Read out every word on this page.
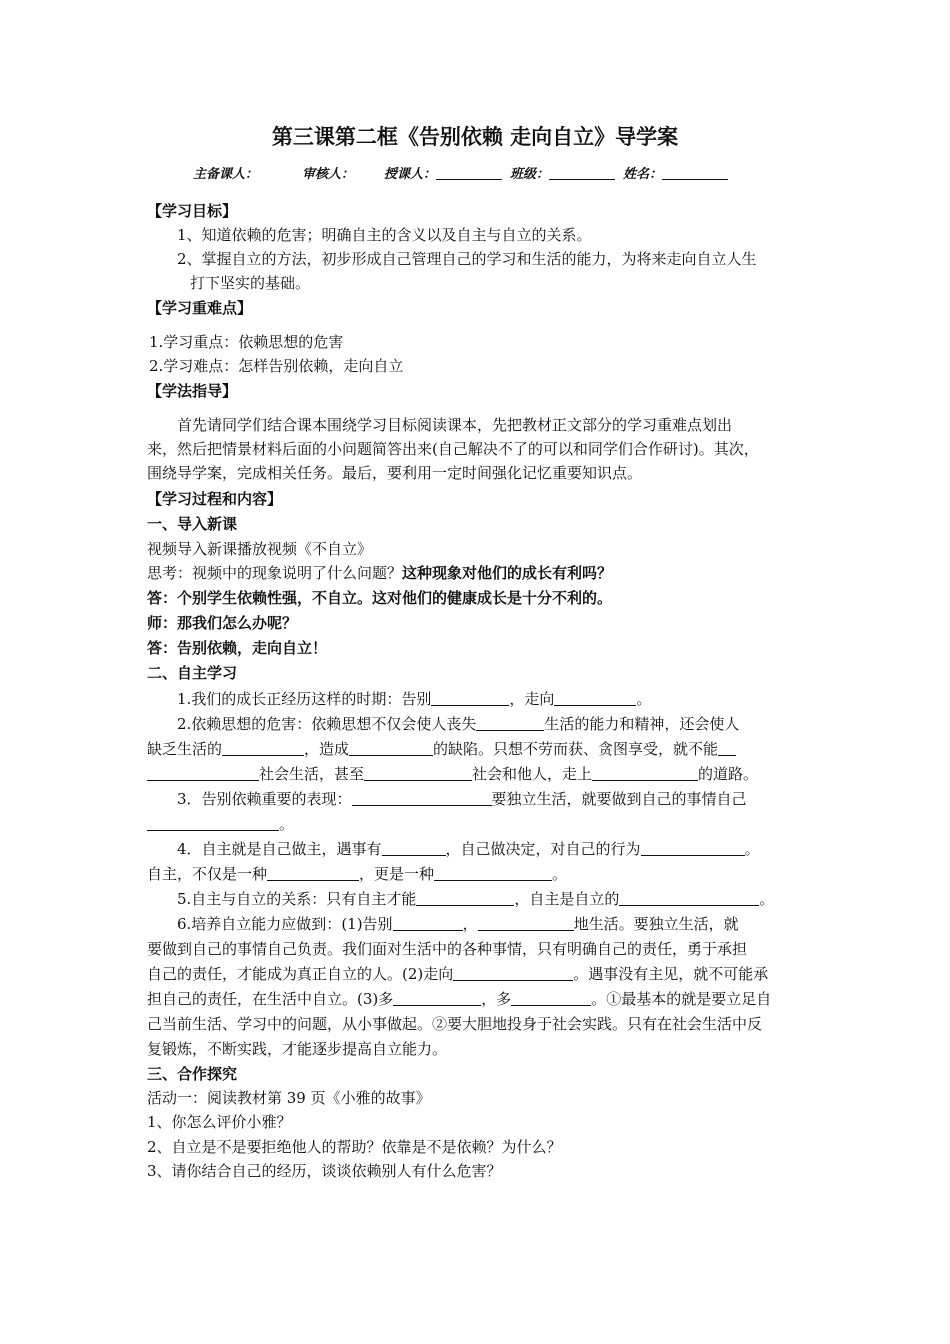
第三课第二框《告别依赖 走向自立》导学案
主备课人：	审核人： 授课人：	班级：	姓名：
【学习目标】
1、知道依赖的危害；明确自主的含义以及自主与自立的关系。
2、掌握自立的方法，初步形成自己管理自己的学习和生活的能力，为将来走向自立人生
打下坚实的基础。
【学习重难点】
1.学习重点：依赖思想的危害
2.学习难点：怎样告别依赖，走向自立
【学法指导】
首先请同学们结合课本围绕学习目标阅读课本，先把教材正文部分的学习重难点划出
来，然后把情景材料后面的小问题简答出来(自己解决不了的可以和同学们合作研讨)。其次，
围绕导学案，完成相关任务。最后，要利用一定时间强化记忆重要知识点。
【学习过程和内容】
一、导入新课
视频导入新课播放视频《不自立》
思考：视频中的现象说明了什么问题？这种现象对他们的成长有利吗？
答：个别学生依赖性强，不自立。这对他们的健康成长是十分不利的。
师：那我们怎么办呢？
答：告别依赖，走向自立！
二、自主学习
1.我们的成长正经历这样的时期：告别	，走向	。
2.依赖思想的危害：依赖思想不仅会使人丧失	生活的能力和精神，还会使人
缺乏生活的	，造成	的缺陷。只想不劳而获、贪图享受，就不能
社会生活，甚至	社会和他人，走上	的道路。
3．告别依赖重要的表现：	要独立生活，就要做到自己的事情自己
。
4．自主就是自己做主，遇事有	，自己做决定，对自己的行为	。
自主，不仅是一种	，更是一种	。
5.自主与自立的关系：只有自主才能	，自主是自立的	。
6.培养自立能力应做到：(1)告别	，	地生活。要独立生活，就
要做到自己的事情自己负责。我们面对生活中的各种事情，只有明确自己的责任，勇于承担
自己的责任，才能成为真正自立的人。(2)走向	。遇事没有主见，就不可能承
担自己的责任，在生活中自立。(3)多	，多	。①最基本的就是要立足自
己当前生活、学习中的问题，从小事做起。②要大胆地投身于社会实践。只有在社会生活中反
复锻炼，不断实践，才能逐步提高自立能力。
三、合作探究
活动一：阅读教材第 39 页《小雅的故事》
1、你怎么评价小雅？
2、自立是不是要拒绝他人的帮助？依靠是不是依赖？为什么？
3、请你结合自己的经历，谈谈依赖别人有什么危害？
